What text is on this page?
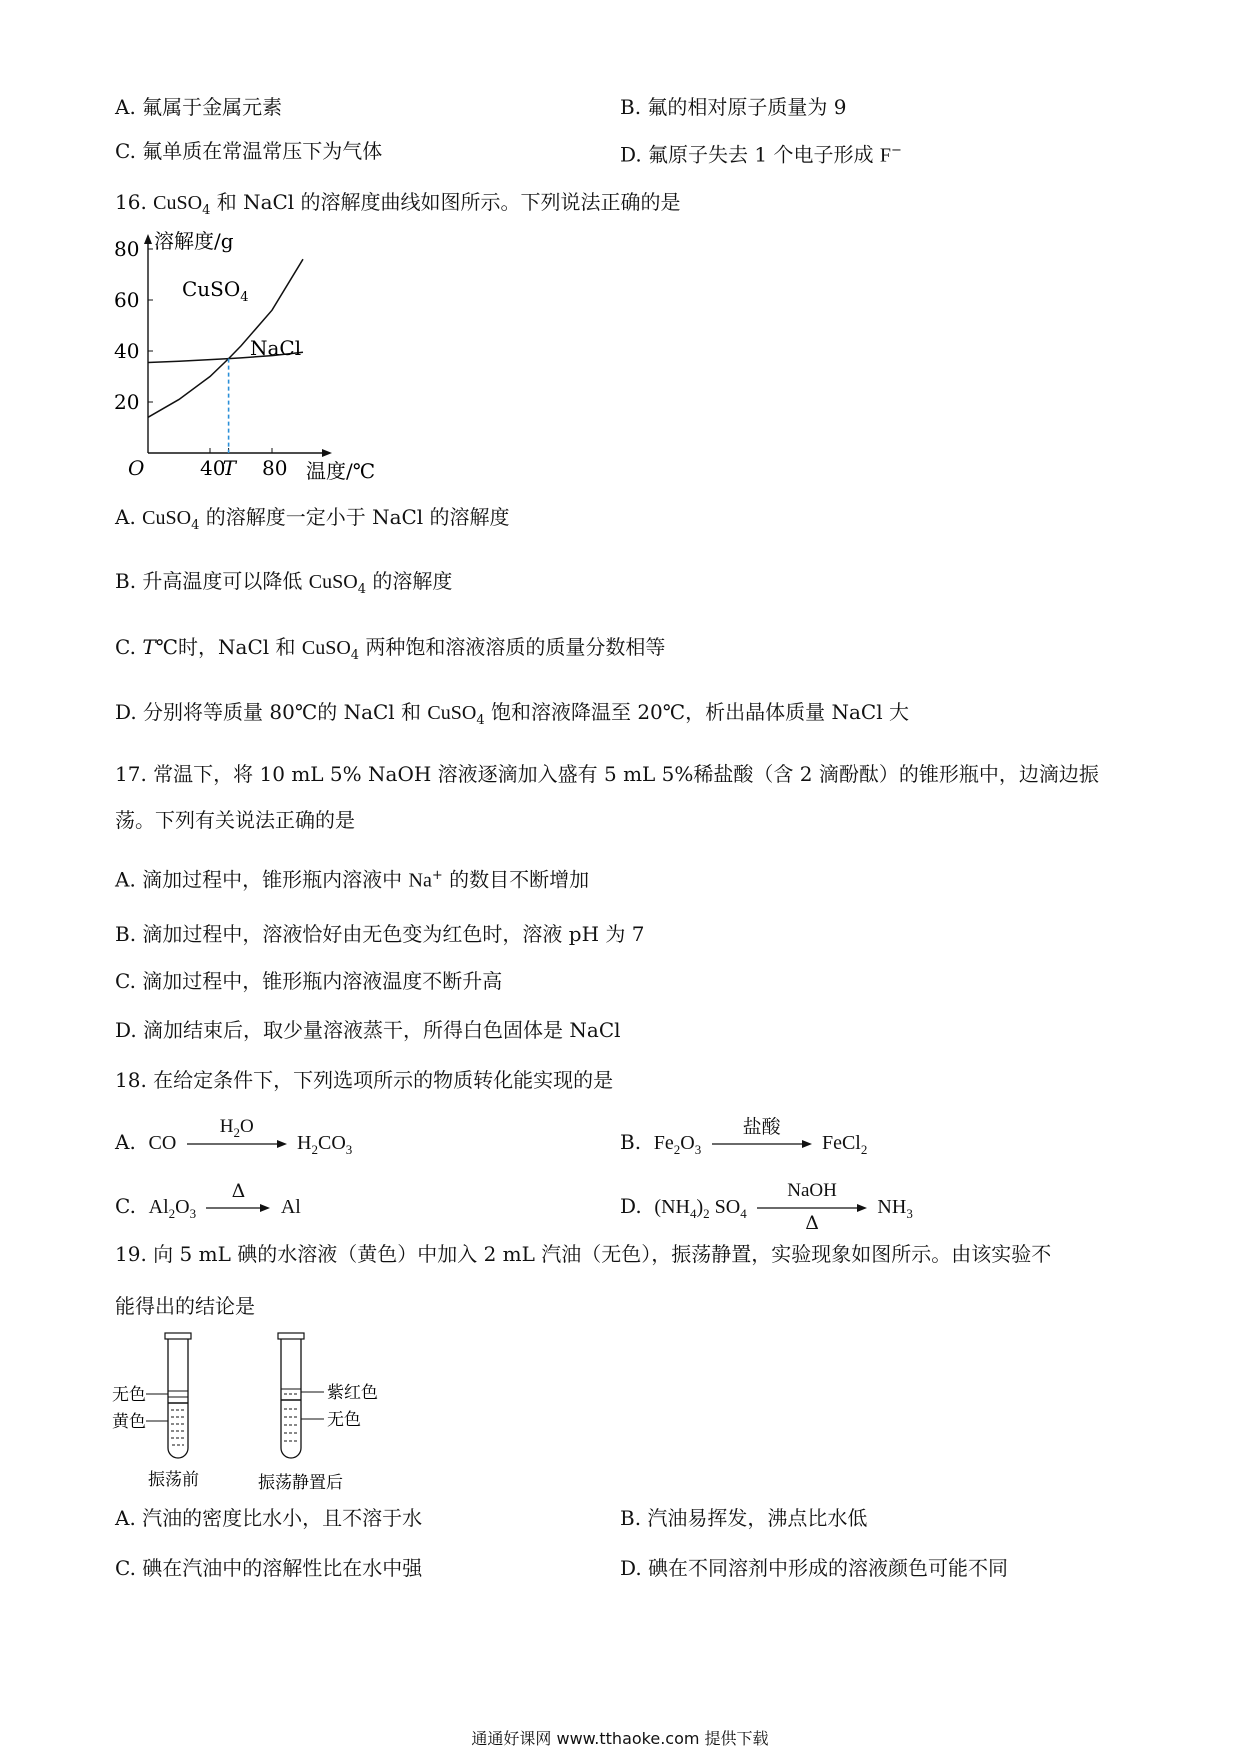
A. 氟属于金属元素	B. 氟的相对原子质量为 9
C. 氟单质在常温常压下为气体	D. 氟原子失去 1 个电子形成 F−
16. CuSO$_4$ 和 NaCl 的溶解度曲线如图所示。下列说法正确的是
80
60
40
20
40
T 80
CuSO$_4$
NaCl
溶解度/g
温度/℃
O
A. CuSO$_4$ 的溶解度一定小于 NaCl 的溶解度
B. 升高温度可以降低 CuSO$_4$ 的溶解度
C. T℃时，NaCl 和 CuSO$_4$ 两种饱和溶液溶质的质量分数相等
D. 分别将等质量 80℃的 NaCl 和 CuSO$_4$ 饱和溶液降温至 20℃，析出晶体质量 NaCl 大
17. 常温下，将 10 mL 5% NaOH 溶液逐滴加入盛有 5 mL 5%稀盐酸（含 2 滴酚酞）的锥形瓶中，边滴边振
荡。下列有关说法正确的是
A. 滴加过程中，锥形瓶内溶液中 Na+ 的数目不断增加
B. 滴加过程中，溶液恰好由无色变为红色时，溶液 pH 为 7
C. 滴加过程中，锥形瓶内溶液温度不断升高
D. 滴加结束后，取少量溶液蒸干，所得白色固体是 NaCl
18. 在给定条件下，下列选项所示的物质转化能实现的是
A. CO
$H_2O$
$H_2CO_3$	B. $Fe_2O_3$
盐酸
FeCl$_2$
C. $Al_2O_3$
Δ
Al	D. $(NH_4)_2$ $SO_4$
NaOH
Δ
$NH_3$
19. 向 5 mL 碘的水溶液（黄色）中加入 2 mL 汽油（无色），振荡静置，实验现象如图所示。由该实验不
能得出的结论是
无色
黄色
振荡前
紫红色
无色
振荡静置后
A. 汽油的密度比水小，且不溶于水	B. 汽油易挥发，沸点比水低
C. 碘在汽油中的溶解性比在水中强	D. 碘在不同溶剂中形成的溶液颜色可能不同
通通好课网 www.tthaoke.com 提供下载
